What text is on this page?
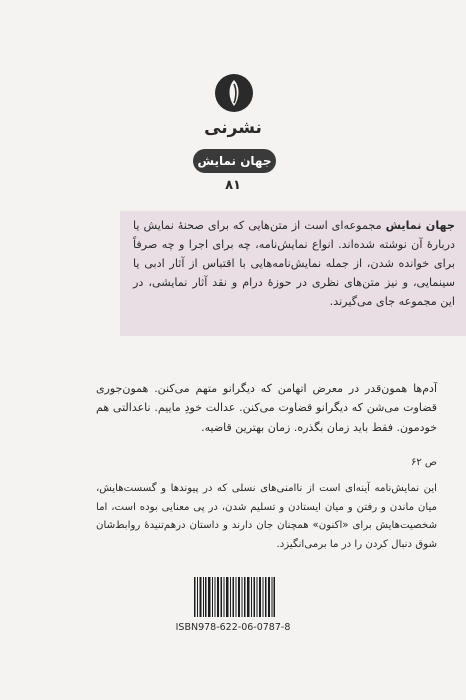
نشرنی
جهان نمایش
۸۱
جهان نمایش مجموعه‌ای است از متن‌هایی که برای صحنهٔ نمایش یا دربارهٔ آن نوشته شده‌اند. انواع نمایش‌نامه، چه برای اجرا و چه صرفاً برای خوانده شدن، از جمله نمایش‌نامه‌هایی با اقتباس از آثار ادبی یا سینمایی، و نیز متن‌های نظری در حوزهٔ درام و نقد آثار نمایشی، در این مجموعه جای می‌گیرند.
آدم‌ها همون‌قدر در معرض اتهامن که دیگرانو متهم می‌کنن. همون‌جوری قضاوت می‌شن که دیگرانو قضاوت می‌کنن. عدالت خودِ ماییم. ناعدالتی هم خودمون. فقط باید زمان بگذره. زمان بهترین قاضیه.
ص ۶۲
این نمایش‌نامه آینه‌ای است از ناامنی‌های نسلی که در پیوندها و گسست‌هایش، میان ماندن و رفتن و میان ایستادن و تسلیم شدن، در پی معنایی بوده است، اما شخصیت‌هایش برای «اکنون» همچنان جان دارند و داستان درهم‌تنیدهٔ روابط‌شان شوق دنبال کردن را در ما برمی‌انگیزد.
ISBN978-622-06-0787-8
